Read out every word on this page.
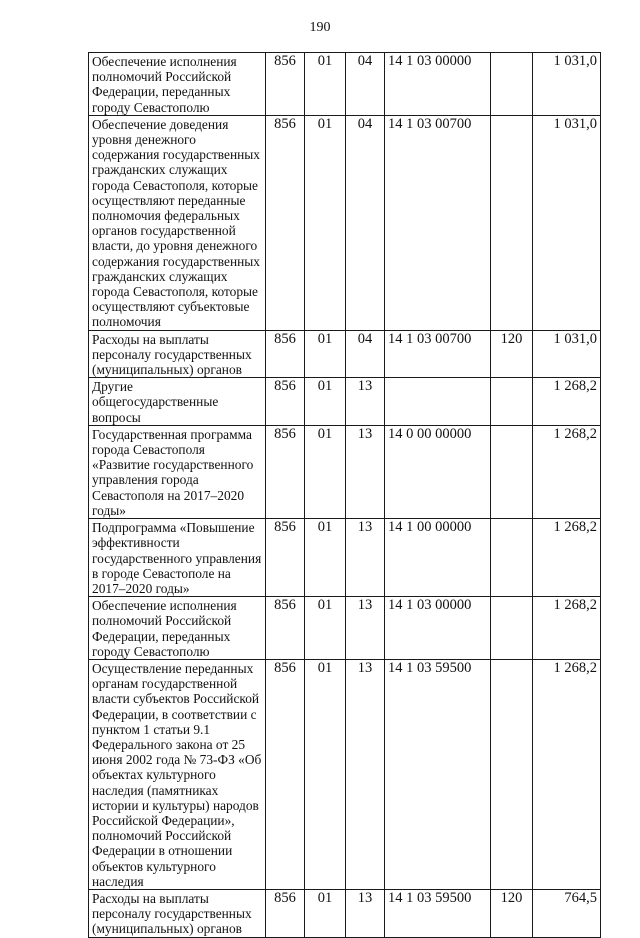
190
Обеспечение исполнения полномочий Российской Федерации, переданных городу Севастополю	856	01	04	14 1 03 00000		1 031,0
Обеспечение доведения уровня денежного содержания государственных гражданских служащих города Севастополя, которые осуществляют переданные полномочия федеральных органов государственной власти, до уровня денежного содержания государственных гражданских служащих города Севастополя, которые осуществляют субъектовые полномочия	856	01	04	14 1 03 00700		1 031,0
Расходы на выплаты персоналу государственных (муниципальных) органов	856	01	04	14 1 03 00700	120	1 031,0
Другие общегосударственные вопросы	856	01	13			1 268,2
Государственная программа города Севастополя «Развитие государственного управления города Севастополя на 2017–2020 годы»	856	01	13	14 0 00 00000		1 268,2
Подпрограмма «Повышение эффективности государственного управления в городе Севастополе на 2017–2020 годы»	856	01	13	14 1 00 00000		1 268,2
Обеспечение исполнения полномочий Российской Федерации, переданных городу Севастополю	856	01	13	14 1 03 00000		1 268,2
Осуществление переданных органам государственной власти субъектов Российской Федерации, в соответствии с пунктом 1 статьи 9.1 Федерального закона от 25 июня 2002 года № 73-ФЗ «Об объектах культурного наследия (памятниках истории и культуры) народов Российской Федерации», полномочий Российской Федерации в отношении объектов культурного наследия	856	01	13	14 1 03 59500		1 268,2
Расходы на выплаты персоналу государственных (муниципальных) органов	856	01	13	14 1 03 59500	120	764,5
